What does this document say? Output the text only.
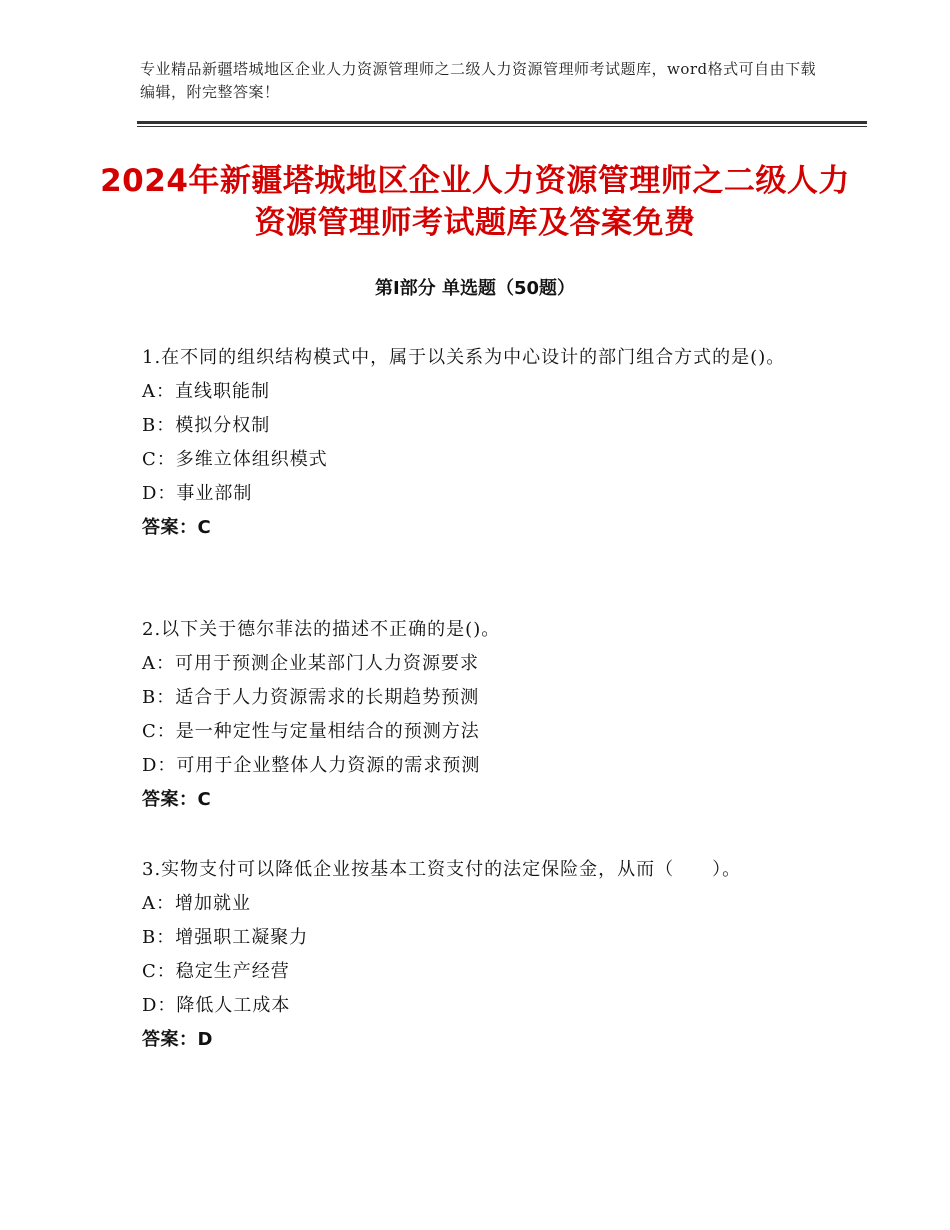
专业精品新疆塔城地区企业人力资源管理师之二级人力资源管理师考试题库，word格式可自由下载编辑，附完整答案！
2024年新疆塔城地区企业人力资源管理师之二级人力资源管理师考试题库及答案免费
第Ⅰ部分 单选题（50题）
1.在不同的组织结构模式中，属于以关系为中心设计的部门组合方式的是()。
A：直线职能制
B：模拟分权制
C：多维立体组织模式
D：事业部制
答案：C
2.以下关于德尔菲法的描述不正确的是()。
A：可用于预测企业某部门人力资源要求
B：适合于人力资源需求的长期趋势预测
C：是一种定性与定量相结合的预测方法
D：可用于企业整体人力资源的需求预测
答案：C
3.实物支付可以降低企业按基本工资支付的法定保险金，从而（　　）。
A：增加就业
B：增强职工凝聚力
C：稳定生产经营
D：降低人工成本
答案：D
